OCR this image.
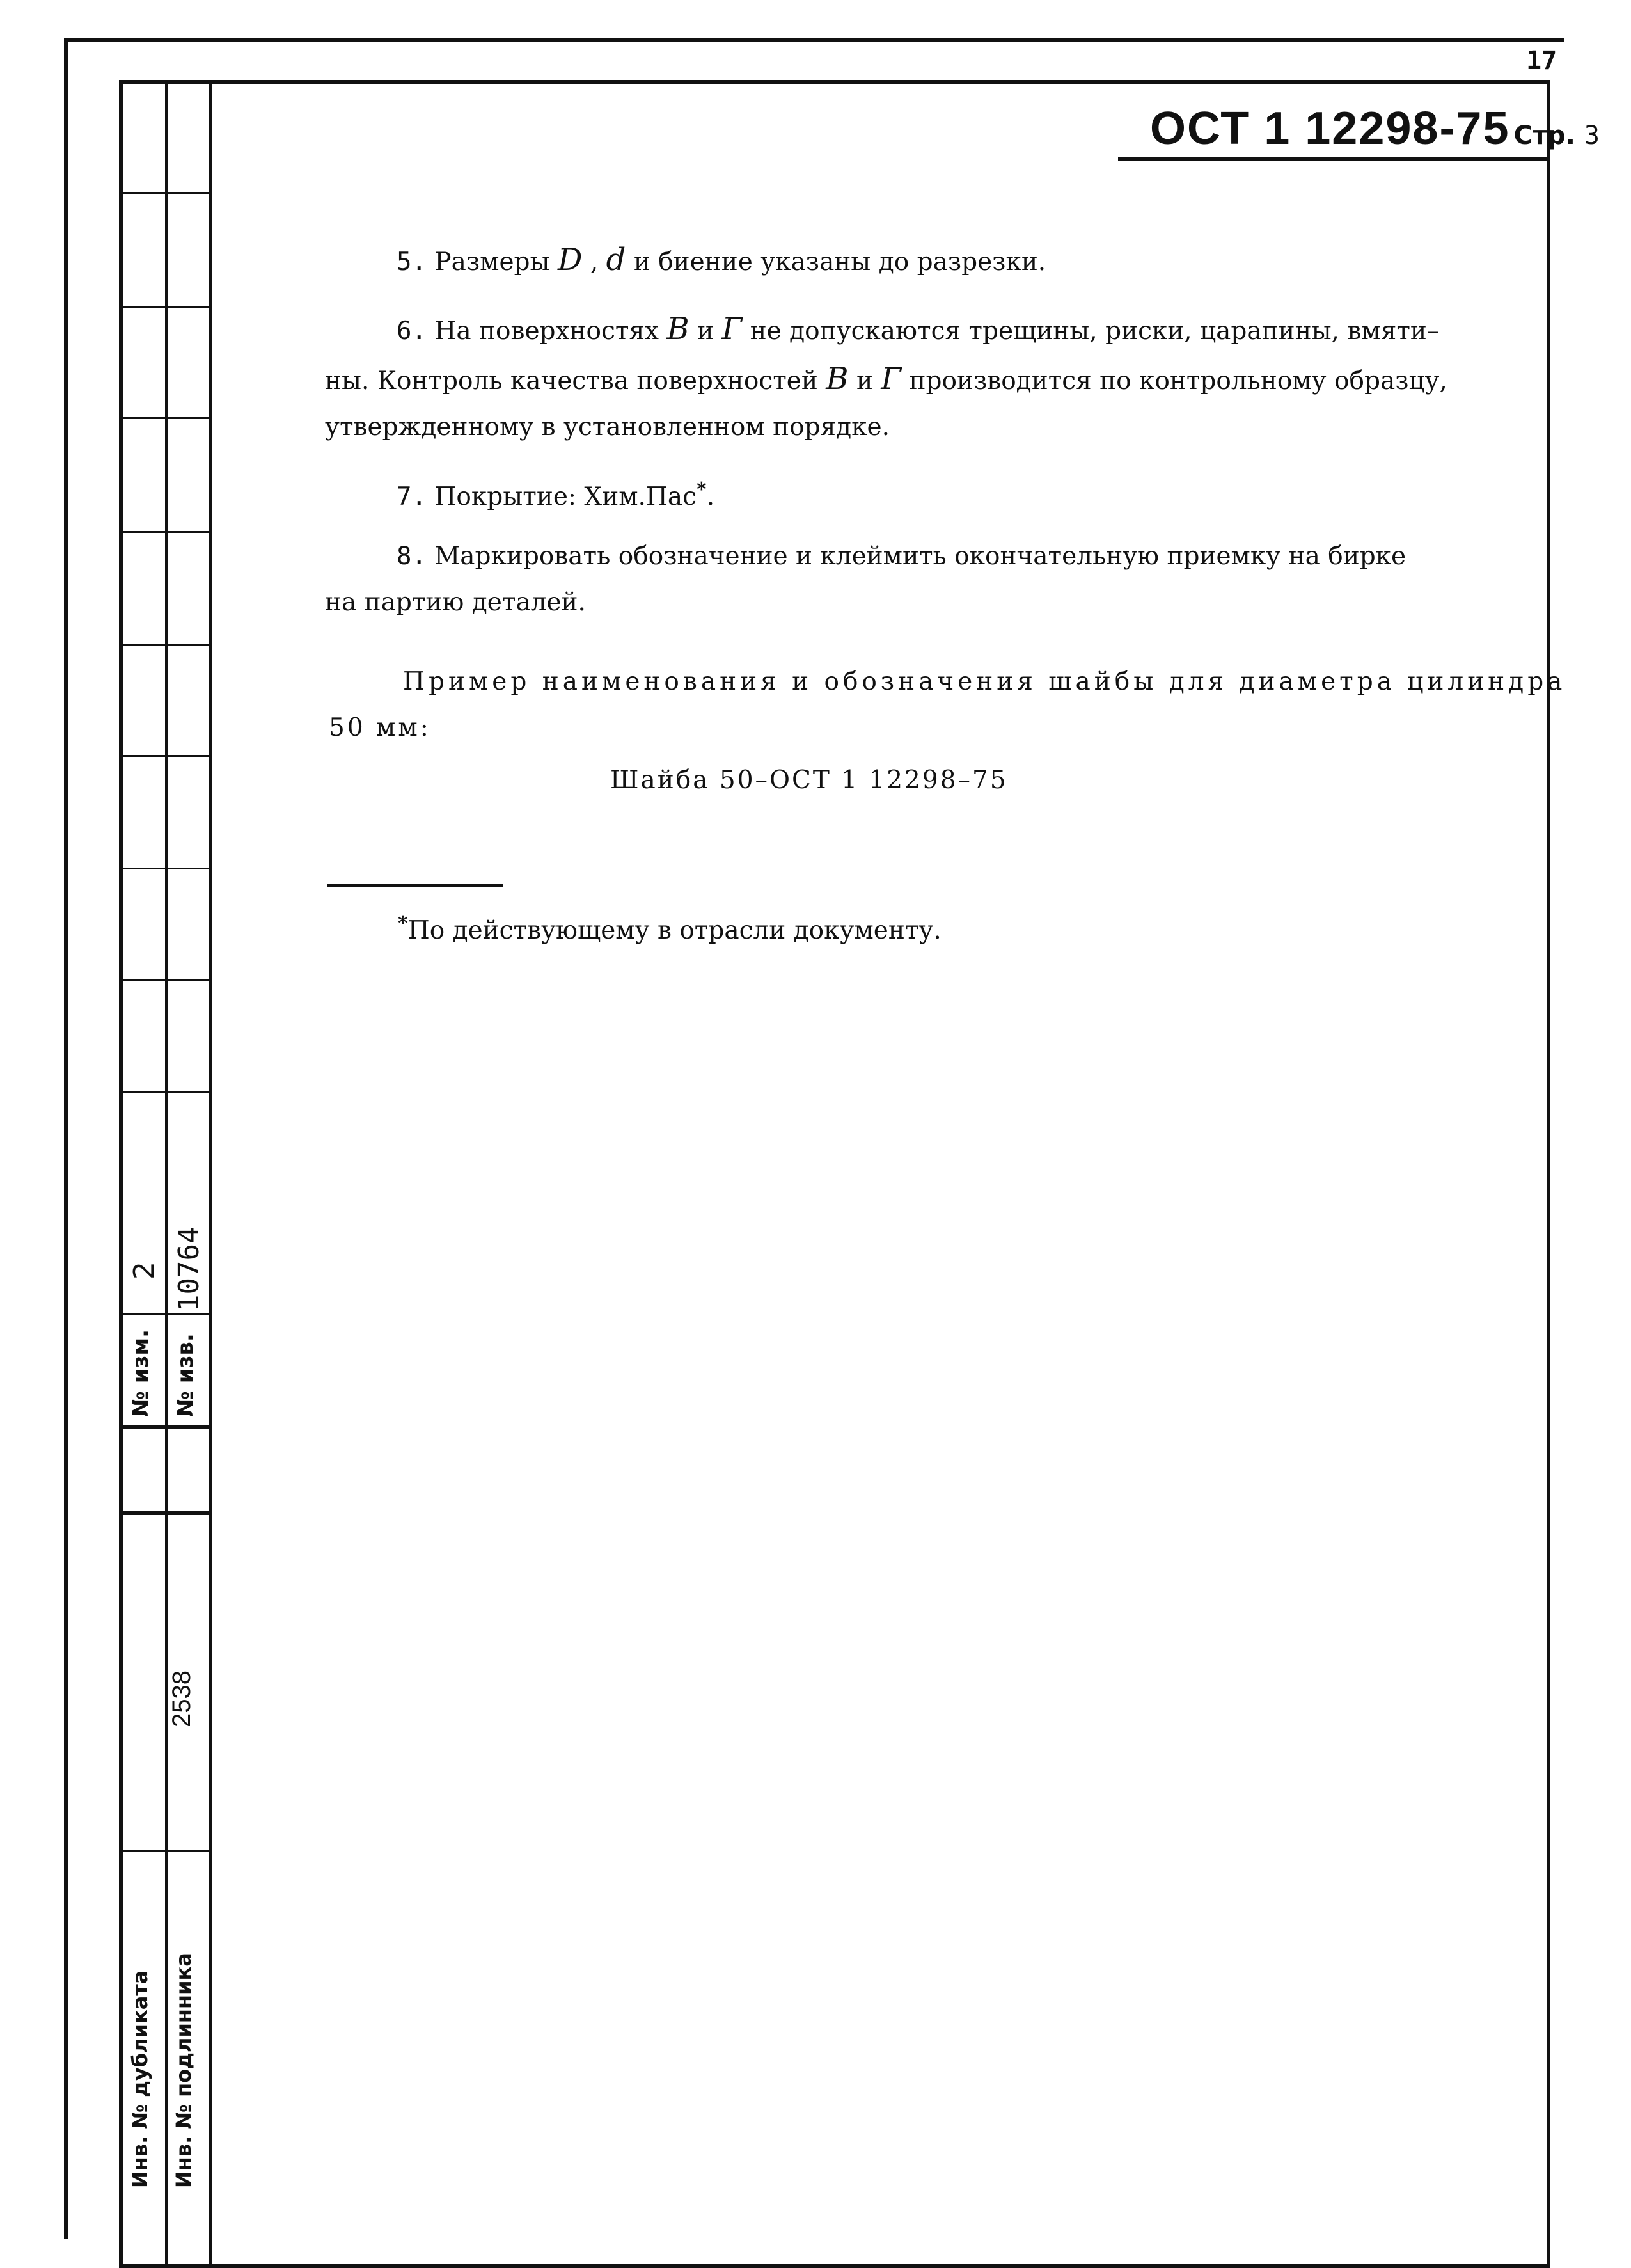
17
2 10764
№ изм. № изв.
2538
Инв. № дубликата Инв. № подлинника
ОСТ 1 12298-75 Стр. 3
5. Размеры D , d и биение указаны до разрезки.
6. На поверхностях В и Г не допускаются трещины, риски, царапины, вмяти–
ны. Контроль качества поверхностей В и Г производится по контрольному образцу,
утвержденному в установленном порядке.
7. Покрытие: Хим.Пас*.
8. Маркировать обозначение и клеймить окончательную приемку на бирке
на партию деталей.
Пример наименования и обозначения шайбы для диаметра цилиндра
50 мм:
Шайба 50–ОСТ 1 12298–75
*По действующему в отрасли документу.
